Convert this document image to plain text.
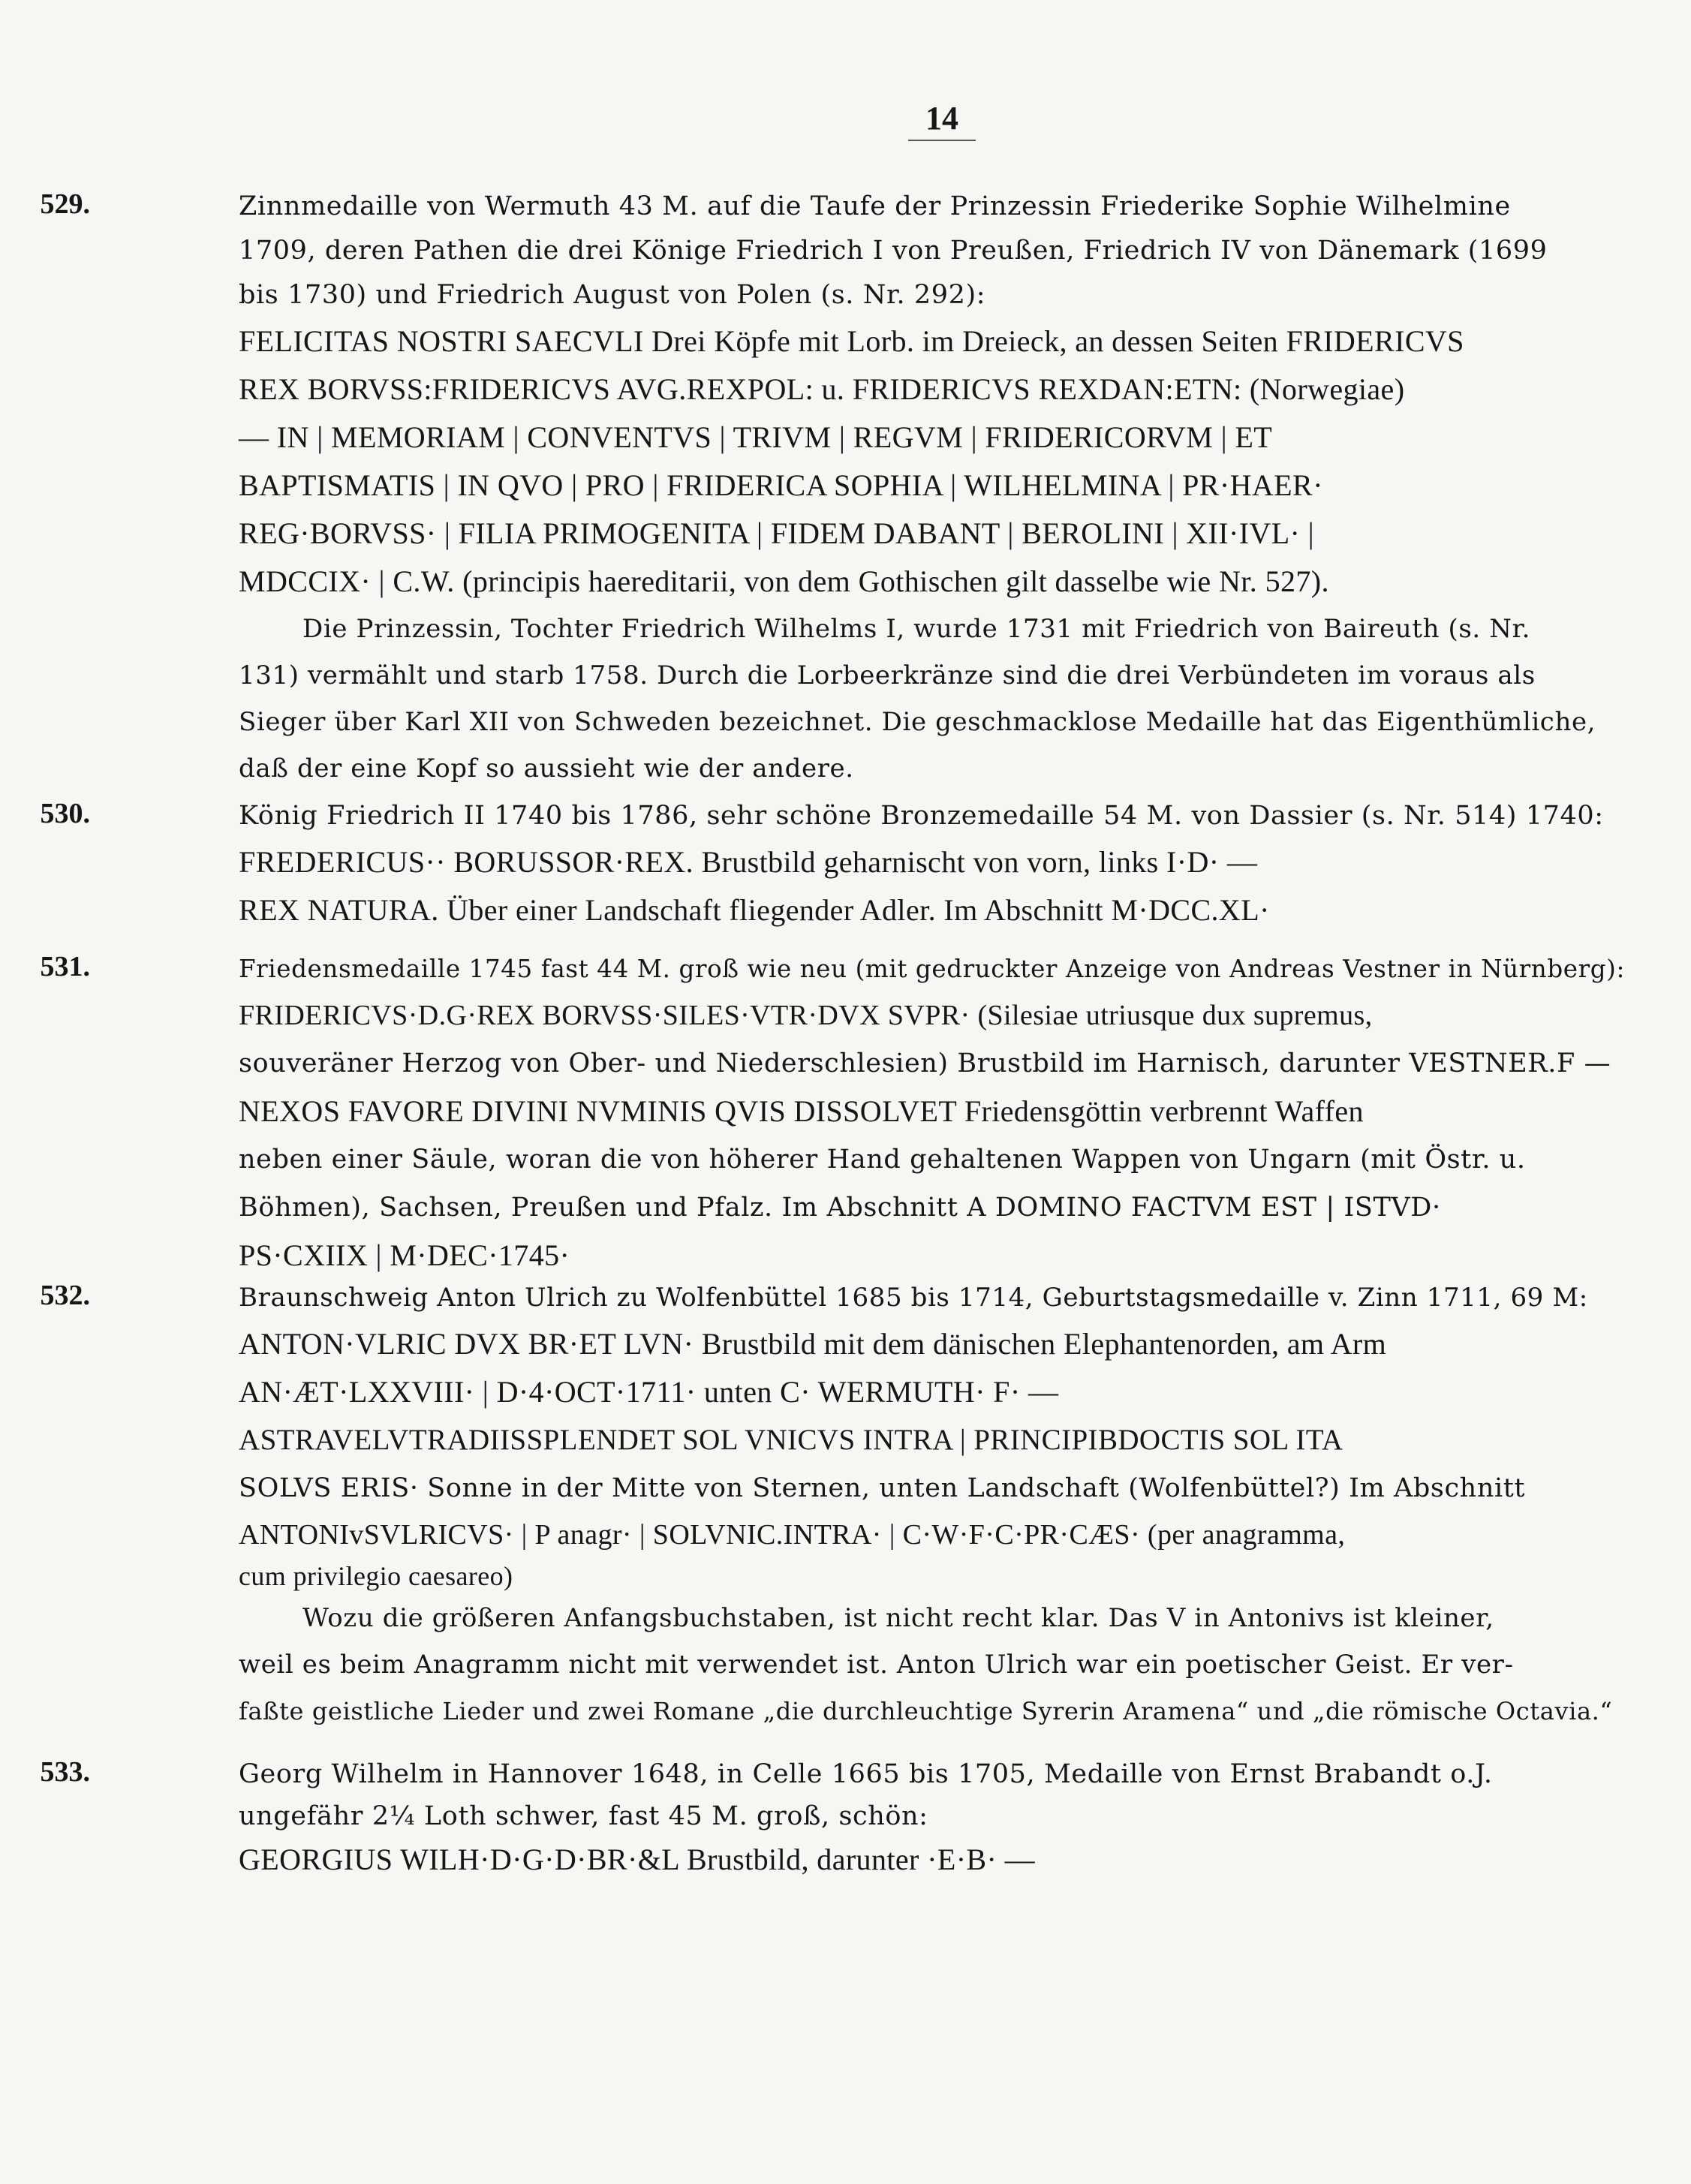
14
529.	Zinnmedaille von Wermuth 43 M. auf die Taufe der Prinzessin Friederike Sophie Wilhelmine
1709, deren Pathen die drei Könige Friedrich I von Preußen, Friedrich IV von Dänemark (1699
bis 1730) und Friedrich August von Polen (s. Nr. 292):
FELICITAS NOSTRI SAECVLI Drei Köpfe mit Lorb. im Dreieck, an dessen Seiten FRIDERICVS
REX BORVSS:FRIDERICVS AVG.REXPOL: u. FRIDERICVS REXDAN:ETN: (Norwegiae)
— IN | MEMORIAM | CONVENTVS | TRIVM | REGVM | FRIDERICORVM | ET
BAPTISMATIS | IN QVO | PRO | FRIDERICA SOPHIA | WILHELMINA | PR·HAER·
REG·BORVSS· | FILIA PRIMOGENITA | FIDEM DABANT | BEROLINI | XII·IVL· |
MDCCIX· | C.W. (principis haereditarii, von dem Gothischen gilt dasselbe wie Nr. 527).
Die Prinzessin, Tochter Friedrich Wilhelms I, wurde 1731 mit Friedrich von Baireuth (s. Nr.
131) vermählt und starb 1758. Durch die Lorbeerkränze sind die drei Verbündeten im voraus als
Sieger über Karl XII von Schweden bezeichnet. Die geschmacklose Medaille hat das Eigenthümliche,
daß der eine Kopf so aussieht wie der andere.
530.	König Friedrich II 1740 bis 1786, sehr schöne Bronzemedaille 54 M. von Dassier (s. Nr. 514) 1740:
FREDERICUS·· BORUSSOR·REX. Brustbild geharnischt von vorn, links I·D· —
REX NATURA. Über einer Landschaft fliegender Adler. Im Abschnitt M·DCC.XL·
531.	Friedensmedaille 1745 fast 44 M. groß wie neu (mit gedruckter Anzeige von Andreas Vestner in Nürnberg):
FRIDERICVS·D.G·REX BORVSS·SILES·VTR·DVX SVPR· (Silesiae utriusque dux supremus,
souveräner Herzog von Ober- und Niederschlesien) Brustbild im Harnisch, darunter VESTNER.F —
NEXOS FAVORE DIVINI NVMINIS QVIS DISSOLVET Friedensgöttin verbrennt Waffen
neben einer Säule, woran die von höherer Hand gehaltenen Wappen von Ungarn (mit Östr. u.
Böhmen), Sachsen, Preußen und Pfalz. Im Abschnitt A DOMINO FACTVM EST | ISTVD·
PS·CXIIX | M·DEC·1745·
532.	Braunschweig Anton Ulrich zu Wolfenbüttel 1685 bis 1714, Geburtstagsmedaille v. Zinn 1711, 69 M:
ANTON·VLRIC DVX BR·ET LVN· Brustbild mit dem dänischen Elephantenorden, am Arm
AN·ÆT·LXXVIII· | D·4·OCT·1711· unten C· WERMUTH· F· —
ASTRAVELVTRADIISSPLENDET SOL VNICVS INTRA | PRINCIPIBDOCTIS SOL ITA
SOLVS ERIS· Sonne in der Mitte von Sternen, unten Landschaft (Wolfenbüttel?) Im Abschnitt
ANTONIvSVLRICVS· | P anagr· | SOLVNIC.INTRA· | C·W·F·C·PR·CÆS· (per anagramma,
cum privilegio caesareo)
Wozu die größeren Anfangsbuchstaben, ist nicht recht klar. Das V in Antonivs ist kleiner,
weil es beim Anagramm nicht mit verwendet ist. Anton Ulrich war ein poetischer Geist. Er ver-
faßte geistliche Lieder und zwei Romane „die durchleuchtige Syrerin Aramena“ und „die römische Octavia.“
533.	Georg Wilhelm in Hannover 1648, in Celle 1665 bis 1705, Medaille von Ernst Brabandt o.J.
ungefähr 2¼ Loth schwer, fast 45 M. groß, schön:
GEORGIUS WILH·D·G·D·BR·&L Brustbild, darunter ·E·B· —
